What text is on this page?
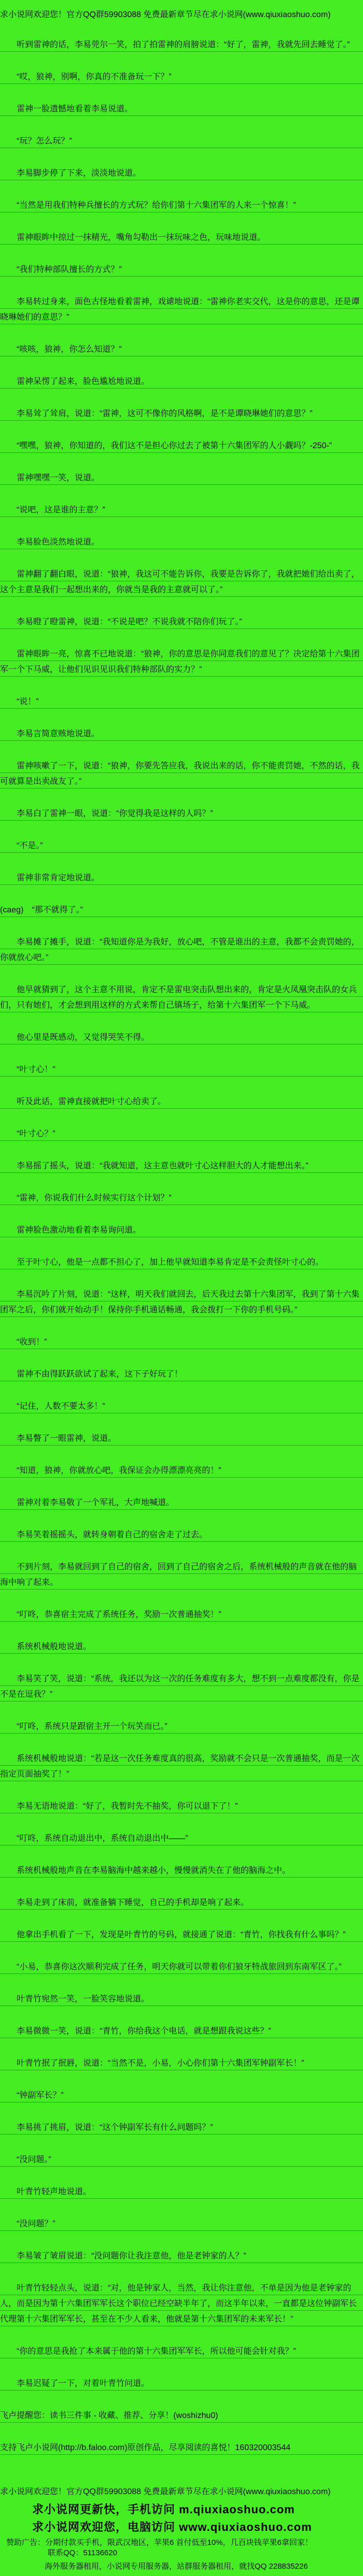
求小说网欢迎您！官方QQ群59903088 免费最新章节尽在求小说网(www.qiuxiaoshuo.com)

听到雷神的话，李易莞尔一笑，拍了拍雷神的肩膀说道：“好了，雷神，我就先回去睡觉了。”

“哎，狼神，别啊，你真的不准备玩一下？”

雷神一脸遗憾地看着李易说道。

“玩？怎么玩？”

李易脚步停了下来，淡淡地说道。

“当然是用我们特种兵擅长的方式玩？给你们第十六集团军的人来一个惊喜！”

雷神眼眸中掠过一抹精光，嘴角勾勒出一抹玩味之色，玩味地说道。

“我们特种部队擅长的方式？”

李易转过身来，面色古怪地看着雷神，戏谑地说道：“雷神你老实交代，这是你的意思，还是谭晓琳她们的意思？”

“咳咳，狼神，你怎么知道？”

雷神呆愣了起来，脸色尴尬地说道。

李易耸了耸肩，说道：“雷神，这可不像你的风格啊，是不是谭晓琳她们的意思？”

“嘿嘿，狼神，你知道的，我们这不是担心你过去了被第十六集团军的人小觑吗？-250-”

雷神嘿嘿一笑，说道。

“说吧，这是谁的主意？”

李易脸色淡然地说道。

雷神翻了翻白眼，说道：“狼神，我这可不能告诉你，我要是告诉你了，我就把她们给出卖了，这个主意是我们一起想出来的，你就当是我的主意就可以了。”

李易瞪了瞪雷神，说道：“不说是吧？不说我就不陪你们玩了。”

雷神眼眸一亮，惊喜不已地说道：“狼神，你的意思是你同意我们的意见了？决定给第十六集团军一个下马威，让他们见识见识我们特种部队的实力？”

“说！”

李易言简意赅地说道。

雷神咳嗽了一下，说道：“狼神，你要先答应我，我说出来的话，你不能责罚她，不然的话，我可就算是出卖战友了。”

李易白了雷神一眼，说道：“你觉得我是这样的人吗？”

“不是。”

雷神非常肯定地说道。

(caeg)　“那不就得了。”

李易摊了摊手，说道：“我知道你是为我好，放心吧，不管是谁出的主意，我都不会责罚她的，你就放心吧。”

他早就猜到了，这个主意不用说，肯定不是雷电突击队想出来的，肯定是火凤凰突击队的女兵们，只有她们，才会想到用这样的方式来帮自己镇场子，给第十六集团军一个下马威。

他心里是既感动，又觉得哭笑不得。

“叶寸心！”

听及此话，雷神直接就把叶寸心给卖了。

“叶寸心？”

李易摇了摇头，说道：“我就知道，这主意也就叶寸心这样胆大的人才能想出来。”

“雷神，你说我们什么时候实行这个计划？”

雷神脸色激动地看着李易询问道。

至于叶寸心，他是一点都不担心了，加上他早就知道李易肯定是不会责怪叶寸心的。

李易沉吟了片刻，说道：“这样，明天我们就回去，后天我过去第十六集团军，我到了第十六集团军之后，你们就开始动手！保持你手机通话畅通，我会拨打一下你的手机号码。”

“收到！”

雷神不由得跃跃欲试了起来，这下子好玩了！

“记住，人数不要太多！”

李易瞥了一眼雷神，说道。

“知道，狼神，你就放心吧，我保证会办得漂漂亮亮的！”

雷神对着李易敬了一个军礼，大声地喊道。

李易笑着摇摇头，就转身朝着自己的宿舍走了过去。

不到片刻，李易就回到了自己的宿舍，回到了自己的宿舍之后，系统机械般的声音就在他的脑海中响了起来。

“叮咚，恭喜宿主完成了系统任务，奖励一次普通抽奖！”

系统机械般地说道。

李易笑了笑，说道：“系统，我还以为这一次的任务难度有多大，想不到一点难度都没有，你是不是在逗我？”

“叮咚，系统只是跟宿主开一个玩笑而已。”

系统机械般地说道：“若是这一次任务难度真的很高，奖励就不会只是一次普通抽奖，而是一次指定页面抽奖了！”

李易无语地说道：“好了，我暂时先不抽奖，你可以退下了！”

“叮咚，系统自动退出中，系统自动退出中——”

系统机械般地声音在李易脑海中越来越小，慢慢就消失在了他的脑海之中。

李易走到了床前，就准备躺下睡觉，自己的手机却是响了起来。

他拿出手机看了一下，发现是叶青竹的号码，就接通了说道：“青竹，你找我有什么事吗？”

“小易，恭喜你这次顺利完成了任务，明天你就可以带着你们狼牙特战旅回到东南军区了。”

叶青竹宛然一笑，一脸笑容地说道。

李易微微一笑，说道：“青竹，你给我这个电话，就是想跟我说这些？”

叶青竹抿了抿唇，说道：“当然不是，小易，小心你们第十六集团军钟副军长！”

“钟副军长？”

李易挑了挑眉，说道：“这个钟副军长有什么问题吗？”

“没问题。”

叶青竹轻声地说道。

“没问题？”

李易皱了皱眉说道：“没问题你让我注意他，他是老钟家的人？”

叶青竹轻轻点头，说道：“对，他是钟家人，当然，我让你注意他，不单是因为他是老钟家的人，而是因为第十六集团军军长这个职位已经空缺半年了，而这半年以来，一直都是这位钟副军长代理第十六集团军军长，甚至在不少人看来，他就是第十六集团军的未来军长！”

“你的意思是我抢了本来属于他的第十六集团军军长，所以他可能会针对我？”

李易迟疑了一下，对着叶青竹问道。

飞卢提醒您：读书三件事 - 收藏、推荐、分享！(woshizhu0)

支持飞卢小说网(http://b.faloo.com)原创作品，尽享阅读的喜悦！160320003544

求小说网欢迎您！官方QQ群59903088 免费最新章节尽在求小说网(www.qiuxiaoshuo.com)
求小说网更新快，手机访问 m.qiuxiaoshuo.com
求小说网欢迎您，电脑访问 www.qiuxiaoshuo.com
赞助广告：分期付款买手机，限武汉地区，苹果6 首付低至10%，几百块钱苹果6拿回家！
联系QQ：51136620
海外服务器租用，小说网专用服务器，站群服务器租用，就找QQ 228835226
